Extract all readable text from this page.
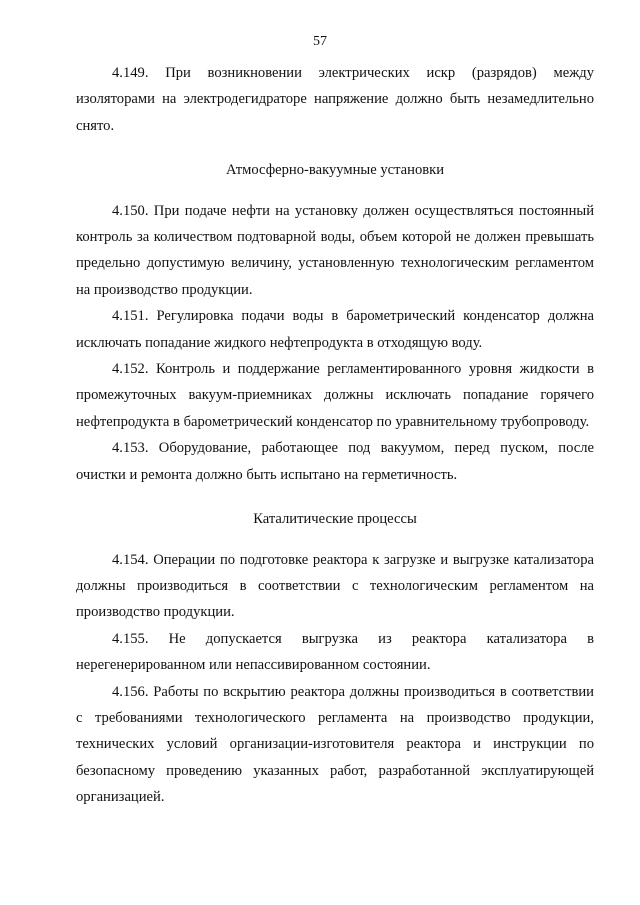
57

4.149. При возникновении электрических искр (разрядов) между изоляторами на электродегидраторе напряжение должно быть незамедлительно снято.

Атмосферно-вакуумные установки

4.150. При подаче нефти на установку должен осуществляться постоянный контроль за количеством подтоварной воды, объем которой не должен превышать предельно допустимую величину, установленную технологическим регламентом на производство продукции.

4.151. Регулировка подачи воды в барометрический конденсатор должна исключать попадание жидкого нефтепродукта в отходящую воду.

4.152. Контроль и поддержание регламентированного уровня жидкости в промежуточных вакуум-приемниках должны исключать попадание горячего нефтепродукта в барометрический конденсатор по уравнительному трубопроводу.

4.153. Оборудование, работающее под вакуумом, перед пуском, после очистки и ремонта должно быть испытано на герметичность.

Каталитические процессы

4.154. Операции по подготовке реактора к загрузке и выгрузке катализатора должны производиться в соответствии с технологическим регламентом на производство продукции.

4.155. Не допускается выгрузка из реактора катализатора в нерегенерированном или непассивированном состоянии.

4.156. Работы по вскрытию реактора должны производиться в соответствии с требованиями технологического регламента на производство продукции, технических условий организации-изготовителя реактора и инструкции по безопасному проведению указанных работ, разработанной эксплуатирующей организацией.
